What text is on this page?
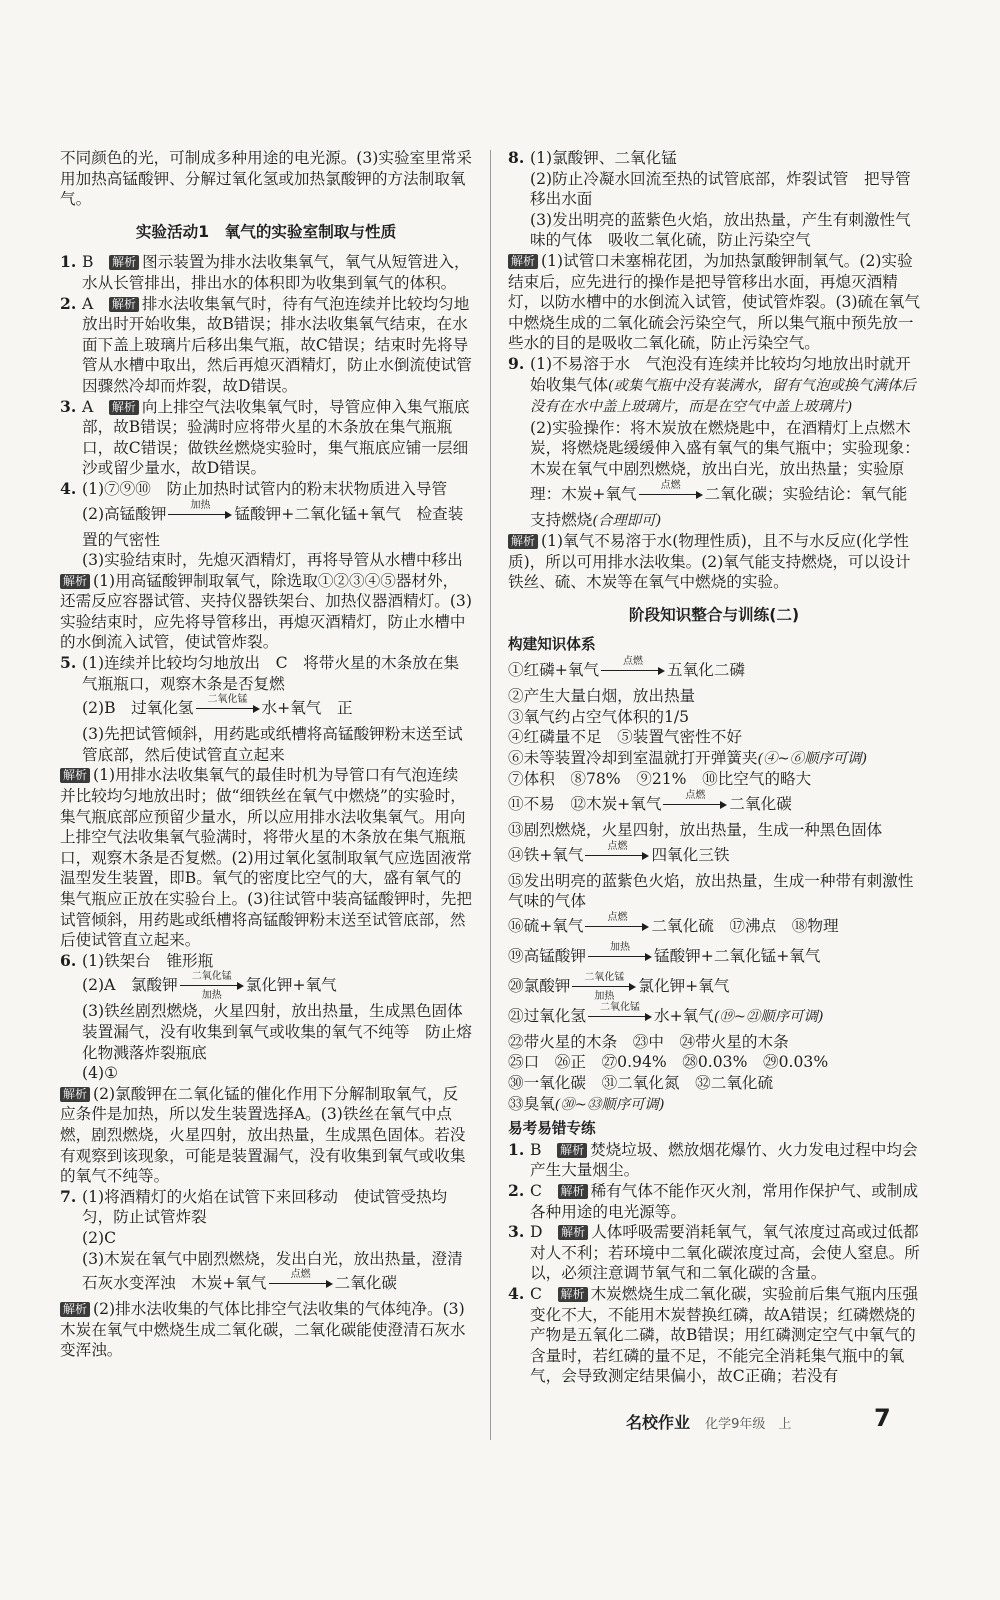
不同颜色的光，可制成多种用途的电光源。(3)实验室里常采用加热高锰酸钾、分解过氧化氢或加热氯酸钾的方法制取氧气。

实验活动1　氧气的实验室制取与性质
1. B　 解析 图示装置为排水法收集氧气，氧气从短管进入，水从长管排出，排出水的体积即为收集到氧气的体积。
2. A　 解析 排水法收集氧气时，待有气泡连续并比较均匀地放出时开始收集，故B错误；排水法收集氧气结束，在水面下盖上玻璃片后移出集气瓶，故C错误；结束时先将导管从水槽中取出，然后再熄灭酒精灯，防止水倒流使试管因骤然冷却而炸裂，故D错误。
3. A　 解析 向上排空气法收集氧气时，导管应伸入集气瓶底部，故B错误；验满时应将带火星的木条放在集气瓶瓶口，故C错误；做铁丝燃烧实验时，集气瓶底应铺一层细沙或留少量水，故D错误。
4. (1)⑦⑨⑩　防止加热时试管内的粉末状物质进入导管

(2)高锰酸钾 加热 锰酸钾+二氧化锰+氧气　检查装置的气密性

(3)实验结束时，先熄灭酒精灯，再将导管从水槽中移出

解析 (1)用高锰酸钾制取氧气，除选取①②③④⑤器材外，还需反应容器试管、夹持仪器铁架台、加热仪器酒精灯。(3)实验结束时，应先将导管移出，再熄灭酒精灯，防止水槽中的水倒流入试管，使试管炸裂。

5. (1)连续并比较均匀地放出　C　将带火星的木条放在集气瓶瓶口，观察木条是否复燃

(2)B　过氧化氢 二氧化锰 水+氧气　正

(3)先把试管倾斜，用药匙或纸槽将高锰酸钾粉末送至试管底部，然后使试管直立起来

解析 (1)用排水法收集氧气的最佳时机为导管口有气泡连续并比较均匀地放出时；做“细铁丝在氧气中燃烧”的实验时，集气瓶底部应预留少量水，所以应用排水法收集氧气。用向上排空气法收集氧气验满时，将带火星的木条放在集气瓶瓶口，观察木条是否复燃。(2)用过氧化氢制取氧气应选固液常温型发生装置，即B。氧气的密度比空气的大，盛有氧气的集气瓶应正放在实验台上。(3)往试管中装高锰酸钾时，先把试管倾斜，用药匙或纸槽将高锰酸钾粉末送至试管底部，然后使试管直立起来。

6. (1)铁架台　锥形瓶

(2)A　氯酸钾 二氧化锰
加热
氯化钾+氧气

(3)铁丝剧烈燃烧，火星四射，放出热量，生成黑色固体　装置漏气，没有收集到氧气或收集的氧气不纯等　防止熔化物溅落炸裂瓶底

(4)①

解析 (2)氯酸钾在二氧化锰的催化作用下分解制取氧气，反应条件是加热，所以发生装置选择A。(3)铁丝在氧气中点燃，剧烈燃烧，火星四射，放出热量，生成黑色固体。若没有观察到该现象，可能是装置漏气，没有收集到氧气或收集的氧气不纯等。

7. (1)将酒精灯的火焰在试管下来回移动　使试管受热均匀，防止试管炸裂

(2)C

(3)木炭在氧气中剧烈燃烧，发出白光，放出热量，澄清石灰水变浑浊　木炭+氧气 点燃 二氧化碳

解析 (2)排水法收集的气体比排空气法收集的气体纯净。(3)木炭在氧气中燃烧生成二氧化碳，二氧化碳能使澄清石灰水变浑浊。

8. (1)氯酸钾、二氧化锰

(2)防止冷凝水回流至热的试管底部，炸裂试管　把导管移出水面

(3)发出明亮的蓝紫色火焰，放出热量，产生有刺激性气味的气体　吸收二氧化硫，防止污染空气

解析 (1)试管口未塞棉花团，为加热氯酸钾制氧气。(2)实验结束后，应先进行的操作是把导管移出水面，再熄灭酒精灯，以防水槽中的水倒流入试管，使试管炸裂。(3)硫在氧气中燃烧生成的二氧化硫会污染空气，所以集气瓶中预先放一些水的目的是吸收二氧化硫，防止污染空气。

9. (1)不易溶于水　气泡没有连续并比较均匀地放出时就开始收集气体(或集气瓶中没有装满水，留有气泡或换气满体后没有在水中盖上玻璃片，而是在空气中盖上玻璃片)

(2)实验操作：将木炭放在燃烧匙中，在酒精灯上点燃木炭，将燃烧匙缓缓伸入盛有氧气的集气瓶中；实验现象：木炭在氧气中剧烈燃烧，放出白光，放出热量；实验原理：木炭+氧气 点燃 二氧化碳；实验结论：氧气能支持燃烧(合理即可)

解析 (1)氧气不易溶于水(物理性质)，且不与水反应(化学性质)，所以可用排水法收集。(2)氧气能支持燃烧，可以设计铁丝、硫、木炭等在氧气中燃烧的实验。

阶段知识整合与训练(二)
构建知识体系

①红磷+氧气 点燃 五氧化二磷

②产生大量白烟，放出热量

③氧气约占空气体积的1/5

④红磷量不足　⑤装置气密性不好

⑥未等装置冷却到室温就打开弹簧夹(④~⑥顺序可调)

⑦体积　⑧78%　⑨21%　⑩比空气的略大

⑪不易　⑫木炭+氧气 点燃 二氧化碳

⑬剧烈燃烧，火星四射，放出热量，生成一种黑色固体

⑭铁+氧气 点燃 四氧化三铁

⑮发出明亮的蓝紫色火焰，放出热量，生成一种带有刺激性气味的气体

⑯硫+氧气 点燃 二氧化硫　⑰沸点　⑱物理

⑲高锰酸钾 加热 锰酸钾+二氧化锰+氧气

⑳氯酸钾 二氧化锰
加热
氯化钾+氧气

㉑过氧化氢 二氧化锰 水+氧气(⑲~㉑顺序可调)

㉒带火星的木条　㉓中　㉔带火星的木条

㉕口　㉖正　㉗0.94%　㉘0.03%　㉙0.03%

㉚一氧化碳　㉛二氧化氮　㉜二氧化硫

㉝臭氧(㉚~㉝顺序可调)

易考易错专练
1. B　 解析 焚烧垃圾、燃放烟花爆竹、火力发电过程中均会产生大量烟尘。
2. C　 解析 稀有气体不能作灭火剂，常用作保护气、或制成各种用途的电光源等。
3. D　 解析 人体呼吸需要消耗氧气，氧气浓度过高或过低都对人不利；若环境中二氧化碳浓度过高，会使人窒息。所以，必须注意调节氧气和二氧化碳的含量。
4. C　 解析 木炭燃烧生成二氧化碳，实验前后集气瓶内压强变化不大，不能用木炭替换红磷，故A错误；红磷燃烧的产物是五氧化二磷，故B错误；用红磷测定空气中氧气的含量时，若红磷的量不足，不能完全消耗集气瓶中的氧气，会导致测定结果偏小，故C正确；若没有
名校作业 化学9年级　上	7
